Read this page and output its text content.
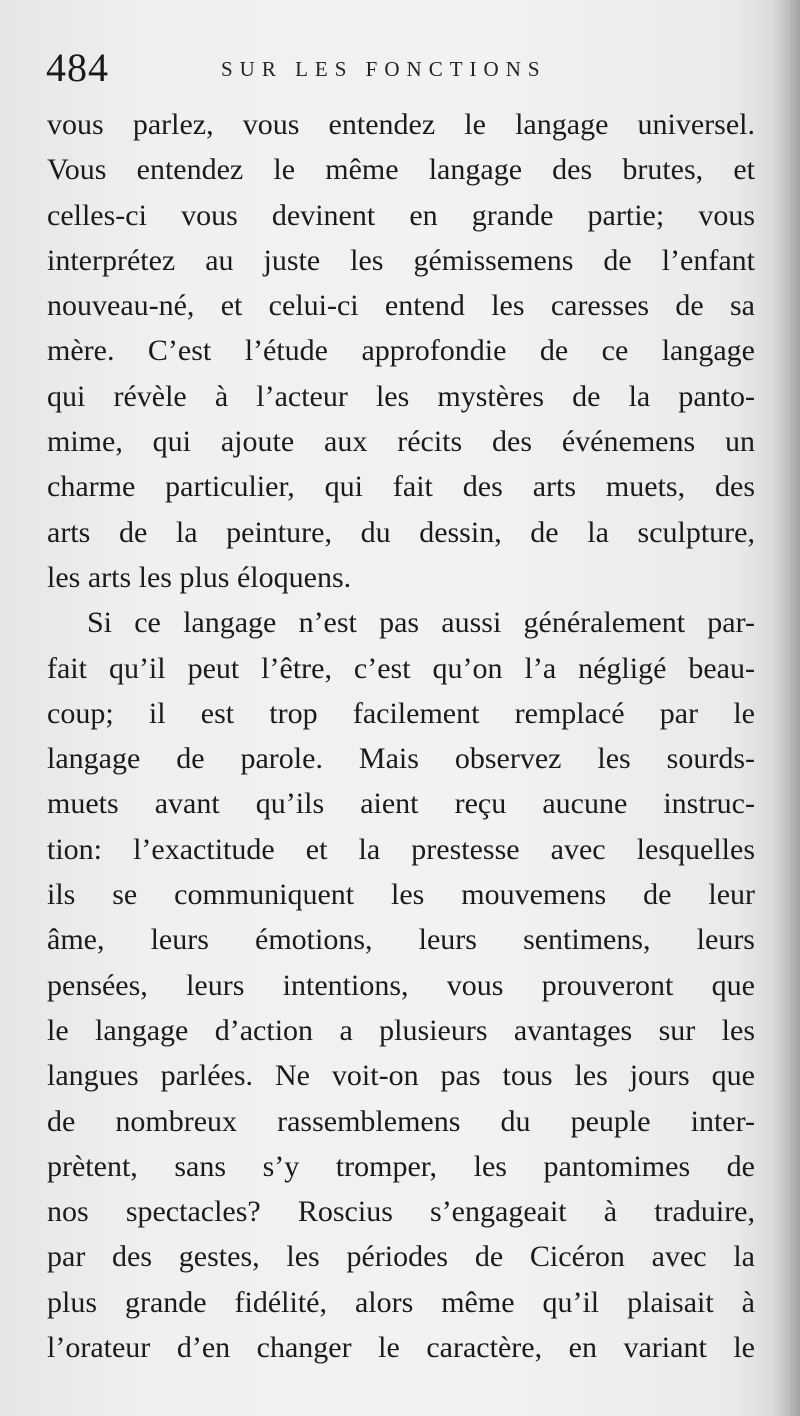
484	SUR LES FONCTIONS
vous parlez, vous entendez le langage universel.
Vous entendez le même langage des brutes, et
celles-ci vous devinent en grande partie; vous
interprétez au juste les gémissemens de l’enfant
nouveau-né, et celui-ci entend les caresses de sa
mère. C’est l’étude approfondie de ce langage
qui révèle à l’acteur les mystères de la panto-
mime, qui ajoute aux récits des événemens un
charme particulier, qui fait des arts muets, des
arts de la peinture, du dessin, de la sculpture,
les arts les plus éloquens.
Si ce langage n’est pas aussi généralement par-
fait qu’il peut l’être, c’est qu’on l’a négligé beau-
coup; il est trop facilement remplacé par le
langage de parole. Mais observez les sourds-
muets avant qu’ils aient reçu aucune instruc-
tion: l’exactitude et la prestesse avec lesquelles
ils se communiquent les mouvemens de leur
âme, leurs émotions, leurs sentimens, leurs
pensées, leurs intentions, vous prouveront que
le langage d’action a plusieurs avantages sur les
langues parlées. Ne voit-on pas tous les jours que
de nombreux rassemblemens du peuple inter-
prètent, sans s’y tromper, les pantomimes de
nos spectacles? Roscius s’engageait à traduire,
par des gestes, les périodes de Cicéron avec la
plus grande fidélité, alors même qu’il plaisait à
l’orateur d’en changer le caractère, en variant le
